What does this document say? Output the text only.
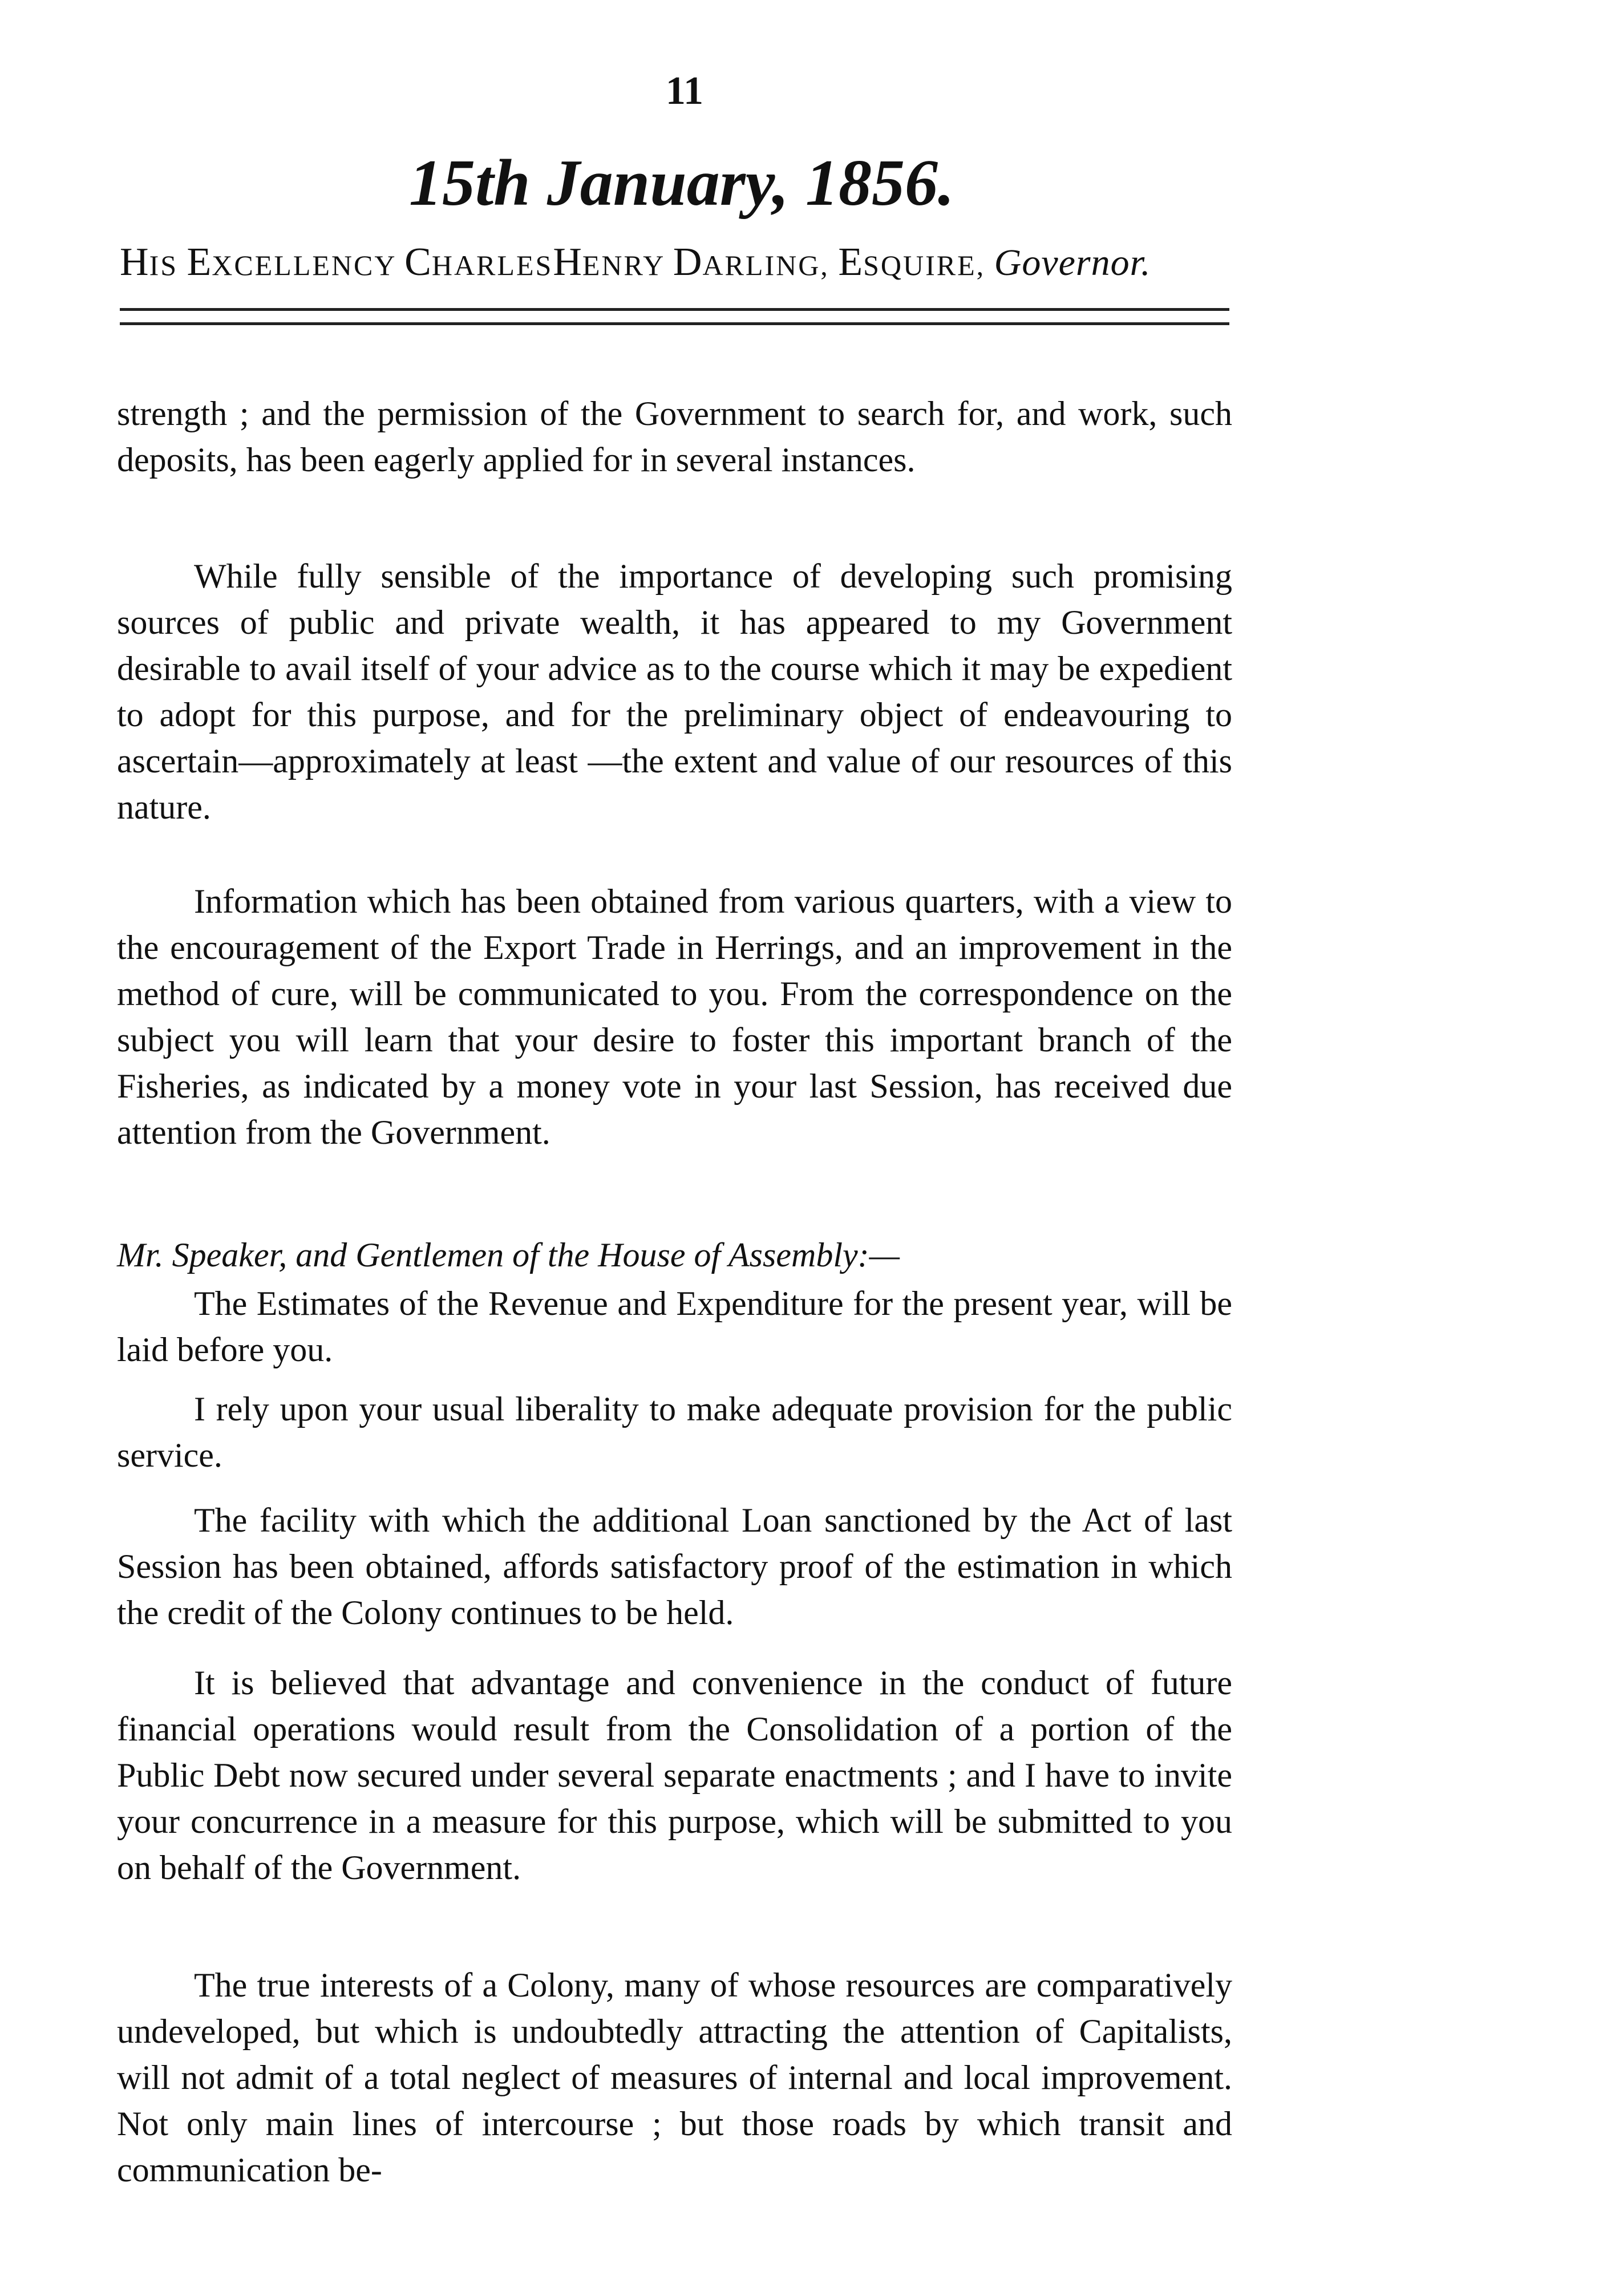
11
15th January, 1856.
HIS EXCELLENCY CHARLESHENRY DARLING, ESQUIRE, Governor.

strength ; and the permission of the Government to search for, and work, such deposits, has been eagerly applied for in several instances.

While fully sensible of the importance of developing such promising sources of public and private wealth, it has appeared to my Government desirable to avail itself of your advice as to the course which it may be expedient to adopt for this purpose, and for the preliminary object of endeavouring to ascertain—approximately at least —the extent and value of our resources of this nature.

Information which has been obtained from various quarters, with a view to the encouragement of the Export Trade in Herrings, and an improvement in the method of cure, will be communicated to you. From the correspondence on the subject you will learn that your desire to foster this important branch of the Fisheries, as indicated by a money vote in your last Session, has received due attention from the Government.

Mr. Speaker, and Gentlemen of the House of Assembly:—

The Estimates of the Revenue and Expenditure for the present year, will be laid before you.

I rely upon your usual liberality to make adequate provision for the public service.

The facility with which the additional Loan sanctioned by the Act of last Session has been obtained, affords satisfactory proof of the estimation in which the credit of the Colony continues to be held.

It is believed that advantage and convenience in the conduct of future financial operations would result from the Consolidation of a portion of the Public Debt now secured under several separate enactments ; and I have to invite your concurrence in a measure for this purpose, which will be submitted to you on behalf of the Government.

The true interests of a Colony, many of whose resources are comparatively undeveloped, but which is undoubtedly attracting the attention of Capitalists, will not admit of a total neglect of measures of internal and local improvement. Not only main lines of intercourse ; but those roads by which transit and communication be-
